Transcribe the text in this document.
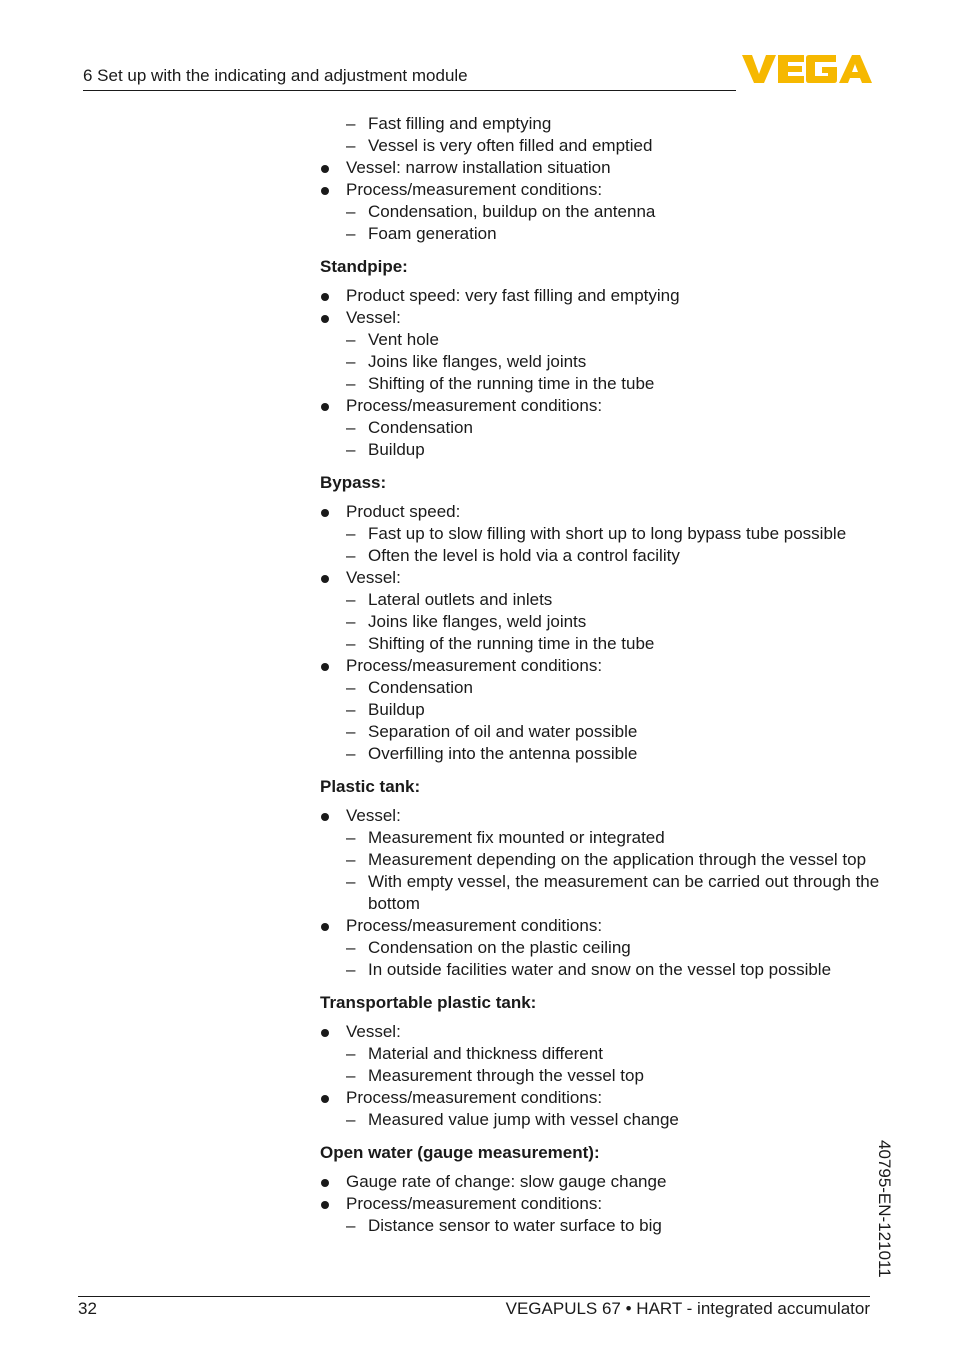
6 Set up with the indicating and adjustment module
– Fast filling and emptying
– Vessel is very often filled and emptied
Vessel: narrow installation situation
Process/measurement conditions:
– Condensation, buildup on the antenna
– Foam generation
Standpipe:
Product speed: very fast filling and emptying
Vessel:
– Vent hole
– Joins like flanges, weld joints
– Shifting of the running time in the tube
Process/measurement conditions:
– Condensation
– Buildup
Bypass:
Product speed:
– Fast up to slow filling with short up to long bypass tube possible
– Often the level is hold via a control facility
Vessel:
– Lateral outlets and inlets
– Joins like flanges, weld joints
– Shifting of the running time in the tube
Process/measurement conditions:
– Condensation
– Buildup
– Separation of oil and water possible
– Overfilling into the antenna possible
Plastic tank:
Vessel:
– Measurement fix mounted or integrated
– Measurement depending on the application through the vessel top
– With empty vessel, the measurement can be carried out through the bottom
Process/measurement conditions:
– Condensation on the plastic ceiling
– In outside facilities water and snow on the vessel top possible
Transportable plastic tank:
Vessel:
– Material and thickness different
– Measurement through the vessel top
Process/measurement conditions:
– Measured value jump with vessel change
Open water (gauge measurement):
Gauge rate of change: slow gauge change
Process/measurement conditions:
– Distance sensor to water surface to big	40795-EN-121011
32	VEGAPULS 67 • HART - integrated accumulator
